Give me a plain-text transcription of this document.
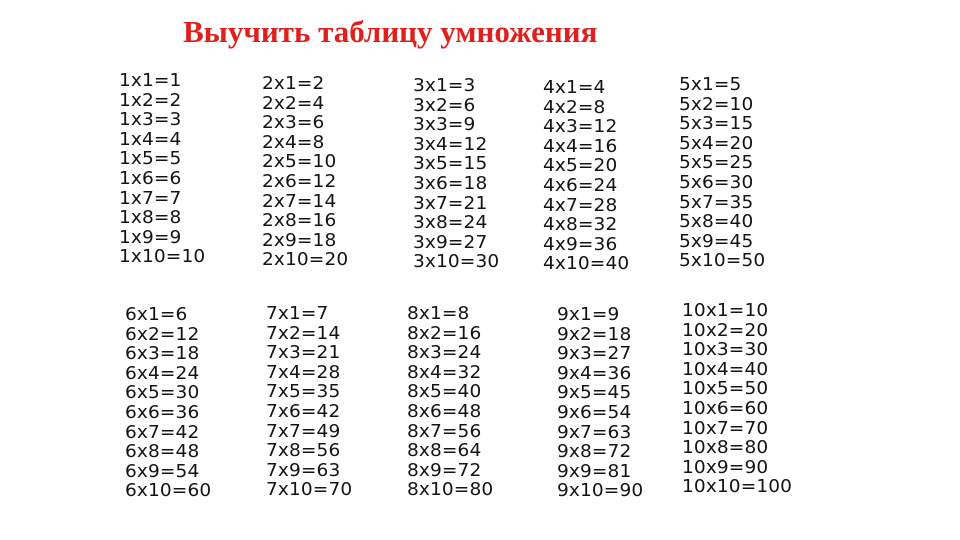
Выучить таблицу умножения
1x1=1
1x2=2
1x3=3
1x4=4
1x5=5
1x6=6
1x7=7
1x8=8
1x9=9
1x10=10
2x1=2
2x2=4
2x3=6
2x4=8
2x5=10
2x6=12
2x7=14
2x8=16
2x9=18
2x10=20
3x1=3
3x2=6
3x3=9
3x4=12
3x5=15
3x6=18
3x7=21
3x8=24
3x9=27
3x10=30
4x1=4
4x2=8
4x3=12
4x4=16
4x5=20
4x6=24
4x7=28
4x8=32
4x9=36
4x10=40
5x1=5
5x2=10
5x3=15
5x4=20
5x5=25
5x6=30
5x7=35
5x8=40
5x9=45
5x10=50
6x1=6
6x2=12
6x3=18
6x4=24
6x5=30
6x6=36
6x7=42
6x8=48
6x9=54
6x10=60
7x1=7
7x2=14
7x3=21
7x4=28
7x5=35
7x6=42
7x7=49
7x8=56
7x9=63
7x10=70
8x1=8
8x2=16
8x3=24
8x4=32
8x5=40
8x6=48
8x7=56
8x8=64
8x9=72
8x10=80
9x1=9
9x2=18
9x3=27
9x4=36
9x5=45
9x6=54
9x7=63
9x8=72
9x9=81
9x10=90
10x1=10
10x2=20
10x3=30
10x4=40
10x5=50
10x6=60
10x7=70
10x8=80
10x9=90
10x10=100
